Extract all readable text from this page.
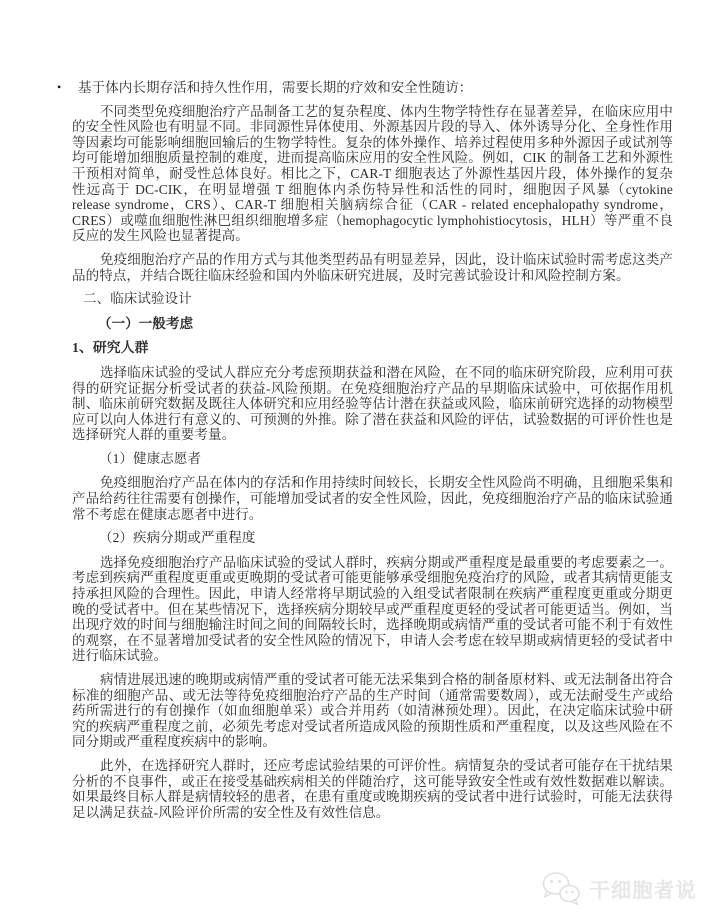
• 基于体内长期存活和持久性作用，需要长期的疗效和安全性随访：

不同类型免疫细胞治疗产品制备工艺的复杂程度、体内生物学特性存在显著差异，在临床应用中的安全性风险也有明显不同。非同源性异体使用、外源基因片段的导入、体外诱导分化、全身性作用等因素均可能影响细胞回输后的生物学特性。复杂的体外操作、培养过程使用多种外源因子或试剂等均可能增加细胞质量控制的难度，进而提高临床应用的安全性风险。例如，CIK 的制备工艺和外源性干预相对简单，耐受性总体良好。相比之下，CAR-T 细胞表达了外源性基因片段，体外操作的复杂性远高于 DC-CIK，在明显增强 T 细胞体内杀伤特异性和活性的同时，细胞因子风暴（cytokine release syndrome，CRS）、CAR-T 细胞相关脑病综合征（CAR - related encephalopathy syndrome，CRES）或噬血细胞性淋巴组织细胞增多症（hemophagocytic lymphohistiocytosis，HLH）等严重不良反应的发生风险也显著提高。

免疫细胞治疗产品的作用方式与其他类型药品有明显差异，因此，设计临床试验时需考虑这类产品的特点，并结合既往临床经验和国内外临床研究进展，及时完善试验设计和风险控制方案。

二、临床试验设计
（一）一般考虑
1、研究人群

选择临床试验的受试人群应充分考虑预期获益和潜在风险，在不同的临床研究阶段，应利用可获得的研究证据分析受试者的获益-风险预期。在免疫细胞治疗产品的早期临床试验中，可依据作用机制、临床前研究数据及既往人体研究和应用经验等估计潜在获益或风险，临床前研究选择的动物模型应可以向人体进行有意义的、可预测的外推。除了潜在获益和风险的评估，试验数据的可评价性也是选择研究人群的重要考量。

（1）健康志愿者

免疫细胞治疗产品在体内的存活和作用持续时间较长，长期安全性风险尚不明确，且细胞采集和产品给药往往需要有创操作，可能增加受试者的安全性风险，因此，免疫细胞治疗产品的临床试验通常不考虑在健康志愿者中进行。

（2）疾病分期或严重程度

选择免疫细胞治疗产品临床试验的受试人群时，疾病分期或严重程度是最重要的考虑要素之一。考虑到疾病严重程度更重或更晚期的受试者可能更能够承受细胞免疫治疗的风险，或者其病情更能支持承担风险的合理性。因此，申请人经常将早期试验的入组受试者限制在疾病严重程度更重或分期更晚的受试者中。但在某些情况下，选择疾病分期较早或严重程度更轻的受试者可能更适当。例如，当出现疗效的时间与细胞输注时间之间的间隔较长时，选择晚期或病情严重的受试者可能不利于有效性的观察，在不显著增加受试者的安全性风险的情况下，申请人会考虑在较早期或病情更轻的受试者中进行临床试验。

病情进展迅速的晚期或病情严重的受试者可能无法采集到合格的制备原材料、或无法制备出符合标准的细胞产品、或无法等待免疫细胞治疗产品的生产时间（通常需要数周），或无法耐受生产或给药所需进行的有创操作（如血细胞单采）或合并用药（如清淋预处理）。因此，在决定临床试验中研究的疾病严重程度之前，必须先考虑对受试者所造成风险的预期性质和严重程度，以及这些风险在不同分期或严重程度疾病中的影响。

此外，在选择研究人群时，还应考虑试验结果的可评价性。病情复杂的受试者可能存在干扰结果分析的不良事件，或正在接受基础疾病相关的伴随治疗，这可能导致安全性或有效性数据难以解读。如果最终目标人群是病情较轻的患者，在患有重度或晚期疾病的受试者中进行试验时，可能无法获得足以满足获益-风险评价所需的安全性及有效性信息。

干细胞者说
